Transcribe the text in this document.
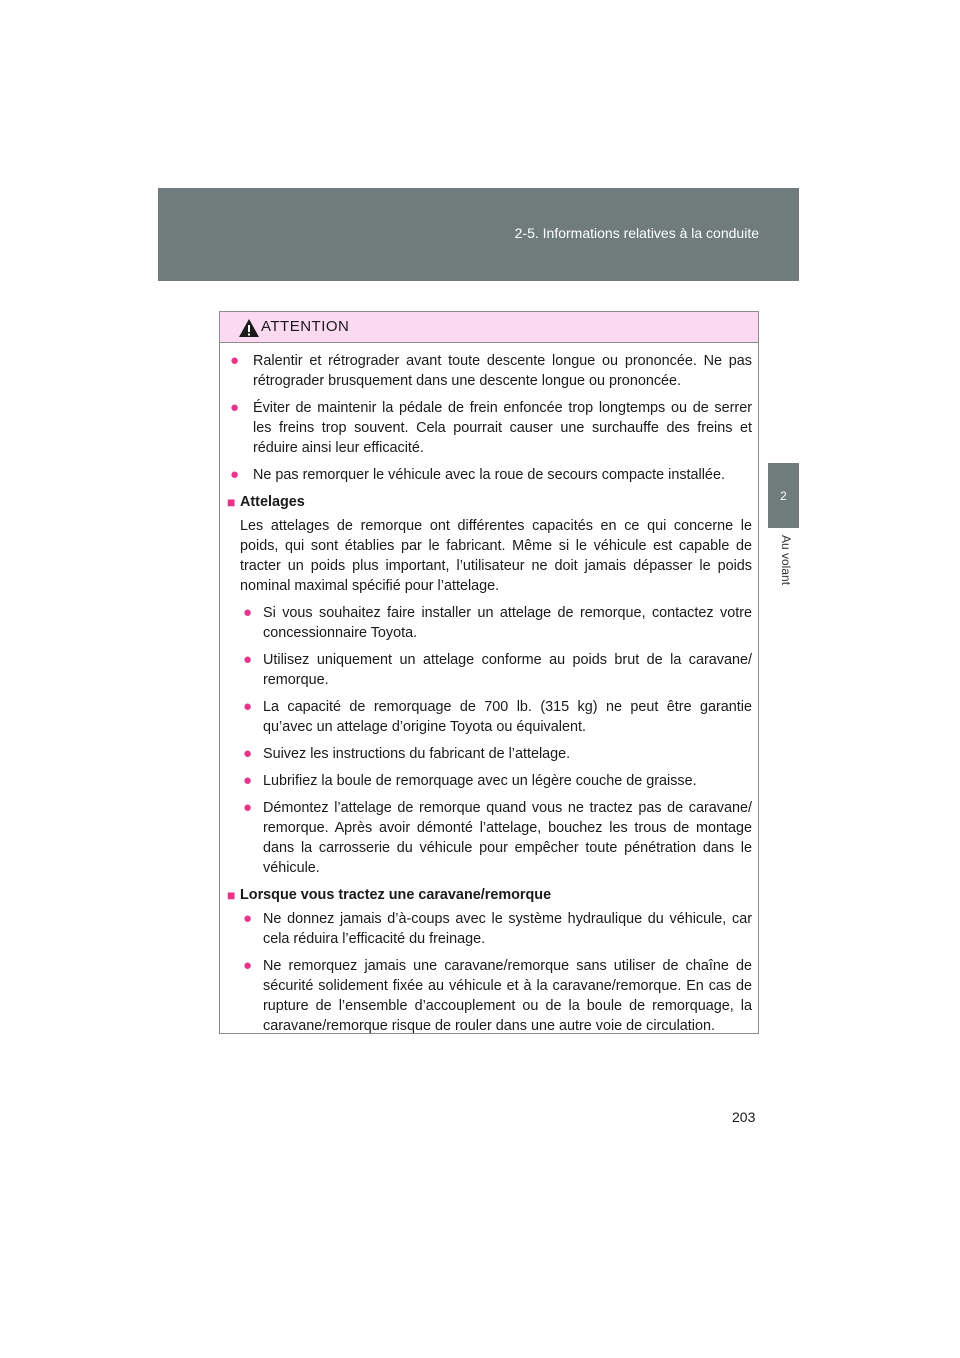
2-5. Informations relatives à la conduite
2
Au volant
ATTENTION
● Ralentir et rétrograder avant toute descente longue ou prononcée. Ne pas rétrograder brusquement dans une descente longue ou prononcée.
● Éviter de maintenir la pédale de frein enfoncée trop longtemps ou de serrer les freins trop souvent. Cela pourrait causer une surchauffe des freins et réduire ainsi leur efficacité.
● Ne pas remorquer le véhicule avec la roue de secours compacte installée.
■ Attelages
Les attelages de remorque ont différentes capacités en ce qui concerne le poids, qui sont établies par le fabricant. Même si le véhicule est capable de tracter un poids plus important, l’utilisateur ne doit jamais dépasser le poids nominal maximal spécifié pour l’attelage.
● Si vous souhaitez faire installer un attelage de remorque, contactez votre concessionnaire Toyota.
● Utilisez uniquement un attelage conforme au poids brut de la caravane/ remorque.
● La capacité de remorquage de 700 lb. (315 kg) ne peut être garantie qu’avec un attelage d’origine Toyota ou équivalent.
● Suivez les instructions du fabricant de l’attelage.
● Lubrifiez la boule de remorquage avec un légère couche de graisse.
● Démontez l’attelage de remorque quand vous ne tractez pas de caravane/ remorque. Après avoir démonté l’attelage, bouchez les trous de montage dans la carrosserie du véhicule pour empêcher toute pénétration dans le véhicule.
■ Lorsque vous tractez une caravane/remorque
● Ne donnez jamais d’à-coups avec le système hydraulique du véhicule, car cela réduira l’efficacité du freinage.
● Ne remorquez jamais une caravane/remorque sans utiliser de chaîne de sécurité solidement fixée au véhicule et à la caravane/remorque. En cas de rupture de l’ensemble d’accouplement ou de la boule de remorquage, la caravane/remorque risque de rouler dans une autre voie de circulation.
203
